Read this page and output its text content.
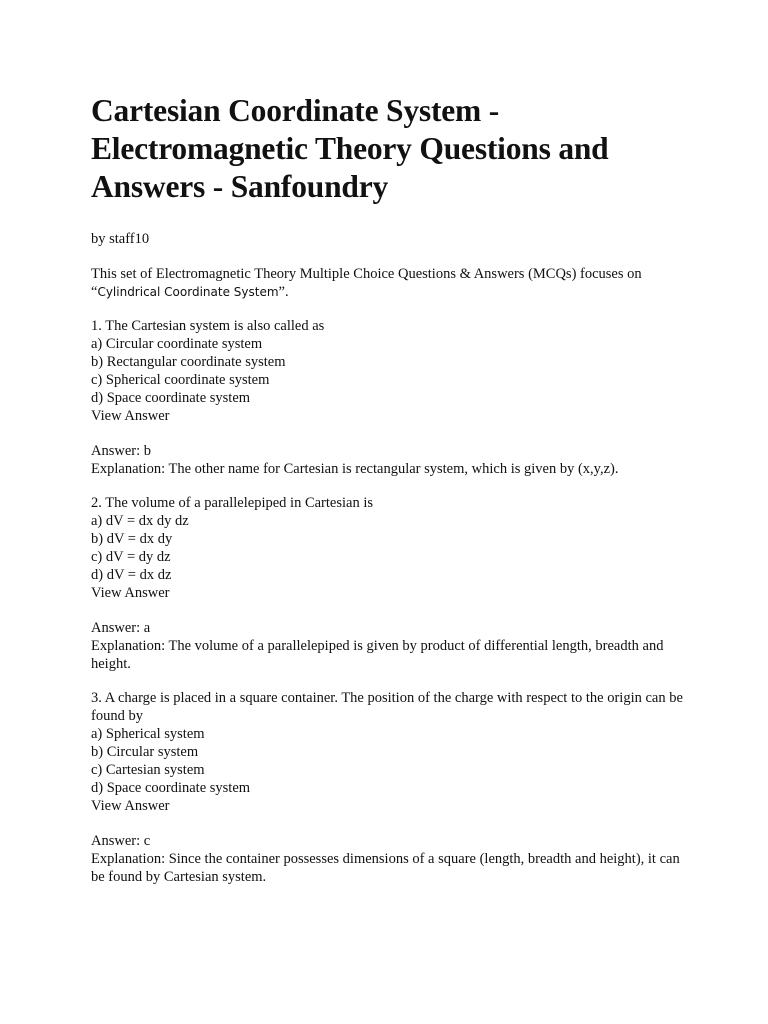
Cartesian Coordinate System - Electromagnetic Theory Questions and Answers - Sanfoundry
by staff10
This set of Electromagnetic Theory Multiple Choice Questions & Answers (MCQs) focuses on
“Cylindrical Coordinate System”.
1. The Cartesian system is also called as
a) Circular coordinate system
b) Rectangular coordinate system
c) Spherical coordinate system
d) Space coordinate system
View Answer
Answer: b
Explanation: The other name for Cartesian is rectangular system, which is given by (x,y,z).
2. The volume of a parallelepiped in Cartesian is
a) dV = dx dy dz
b) dV = dx dy
c) dV = dy dz
d) dV = dx dz
View Answer
Answer: a
Explanation: The volume of a parallelepiped is given by product of differential length, breadth and height.
3. A charge is placed in a square container. The position of the charge with respect to the origin can be found by
a) Spherical system
b) Circular system
c) Cartesian system
d) Space coordinate system
View Answer
Answer: c
Explanation: Since the container possesses dimensions of a square (length, breadth and height), it can be found by Cartesian system.
